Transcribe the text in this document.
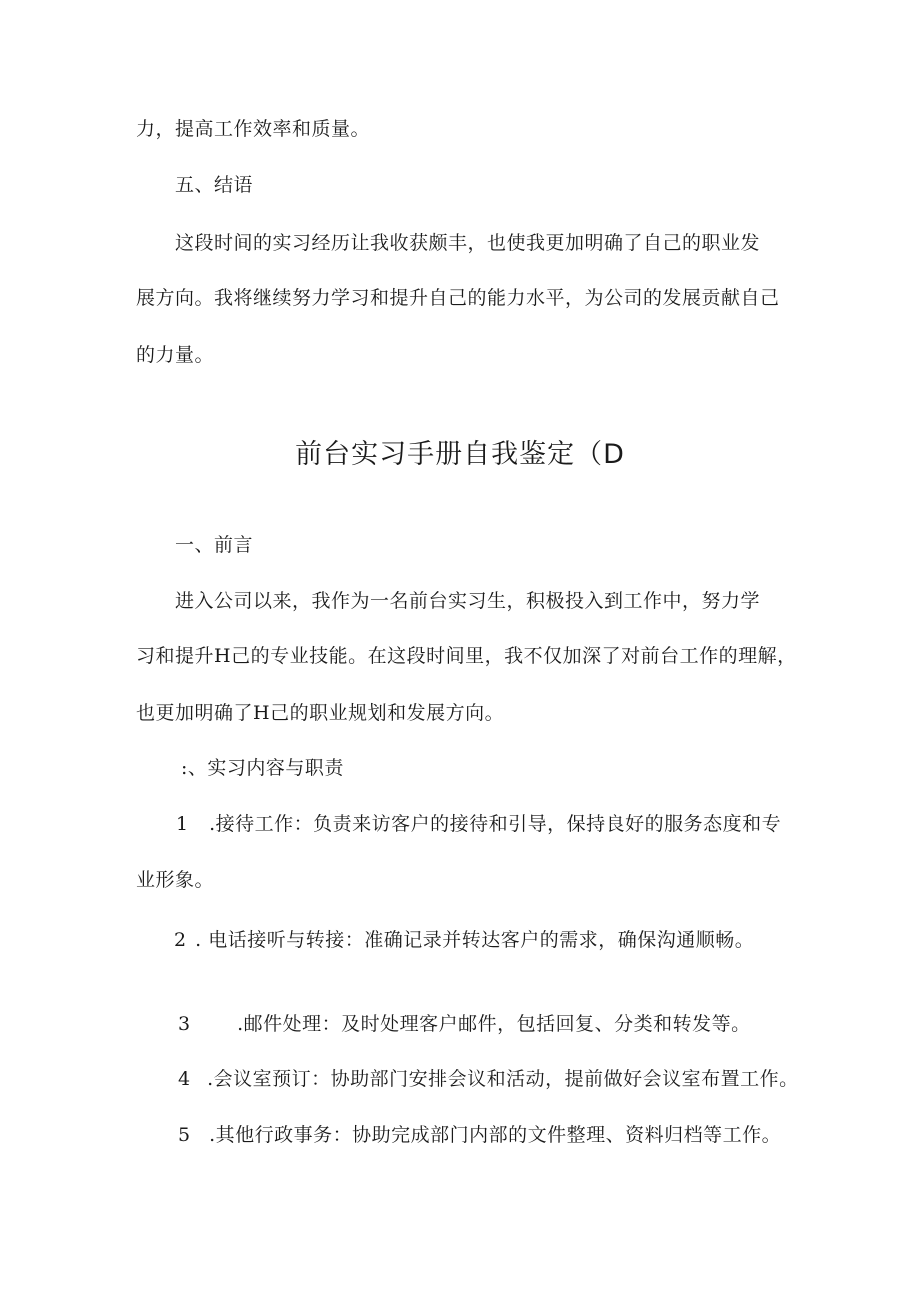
力，提高工作效率和质量。
五、结语
这段时间的实习经历让我收获颇丰，也使我更加明确了自己的职业发
展方向。我将继续努力学习和提升自己的能力水平，为公司的发展贡献自己
的力量。
前台实习手册自我鉴定（D
一、前言
进入公司以来，我作为一名前台实习生，积极投入到工作中，努力学
习和提升H己的专业技能。在这段时间里，我不仅加深了对前台工作的理解，
也更加明确了H己的职业规划和发展方向。
:、实习内容与职责
1 .接待工作：负责来访客户的接待和引导，保持良好的服务态度和专
业形象。
2 . 电话接听与转接：准确记录并转达客户的需求，确保沟通顺畅。
3 .邮件处理：及时处理客户邮件，包括回复、分类和转发等。
4 .会议室预订：协助部门安排会议和活动，提前做好会议室布置工作。
5 .其他行政事务：协助完成部门内部的文件整理、资料归档等工作。
